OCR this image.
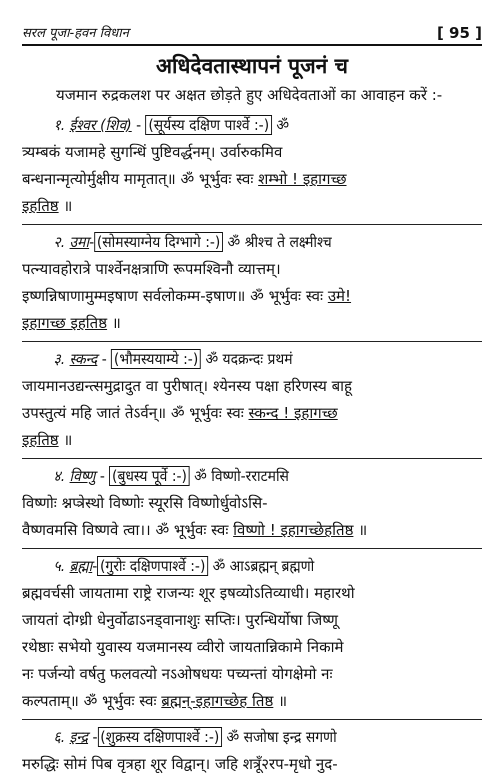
सरल पूजा-हवन विधान	[ 95 ]
अधिदेवतास्थापनं पूजनं च

यजमान रुद्रकलश पर अक्षत छोड़ते हुए अधिदेवताओं का आवाहन करें :-

१. ईश्वर (शिव) - (सूर्यस्य दक्षिण पार्श्वे :-) ॐ
त्र्यम्बकं यजामहे सुगन्धिं पुष्टिवर्द्धनम्। उर्वारुकमिव
बन्धनान्मृत्योर्मुक्षीय मामृतात्॥ ॐ भूर्भुवः स्वः शम्भो ! इहागच्छ
इहतिष्ठ ॥
२. उमा- (सोमस्याग्नेय दिग्भागे :-) ॐ श्रीश्च ते लक्ष्मीश्च
पत्न्यावहोरात्रे पार्श्वेनक्षत्राणि रूपमश्विनौ व्यात्तम्।
इष्णन्निषाणामुम्मइषाण सर्वलोकम्म-इषाण॥ ॐ भूर्भुवः स्वः उमे!
इहागच्छ इहतिष्ठ ॥
३. स्कन्द - (भौमस्ययाम्ये :-) ॐ यदक्रन्दः प्रथमं
जायमानउद्यन्त्समुद्रादुत वा पुरीषात्। श्येनस्य पक्षा हरिणस्य बाहू
उपस्तुत्यं महि जातं तेऽर्वन्॥ ॐ भूर्भुवः स्वः स्कन्द ! इहागच्छ
इहतिष्ठ ॥
४. विष्णु - (बुधस्य पूर्वे :-) ॐ विष्णो-रराटमसि
विष्णोः श्नप्त्रेस्थो विष्णोः स्यूरसि विष्णोर्धुवोऽसि-
वैष्णवमसि विष्णवे त्वा।। ॐ भूर्भुवः स्वः विष्णो ! इहागच्छेहतिष्ठ ॥
५. ब्रह्मा- (गुरोः दक्षिणपार्श्वे :-) ॐ आऽब्रह्मन् ब्रह्मणो
ब्रह्मवर्चसी जायतामा राष्ट्रे राजन्यः शूर इषव्योऽतिव्याधी। महारथो
जायतां दोग्ध्री धेनुर्वोढाऽनड्वानाशुः सप्तिः। पुरन्धिर्योषा जिष्णू
रथेष्ठाः सभेयो युवास्य यजमानस्य व्वीरो जायतान्निकामे निकामे
नः पर्जन्यो वर्षतु फलवत्यो नऽओषधयः पच्यन्तां योगक्षेमो नः
कल्पताम्॥ ॐ भूर्भुवः स्वः ब्रह्मन्-इहागच्छेह तिष्ठ ॥
६. इन्द्र - (शुक्रस्य दक्षिणपार्श्वे :-) ॐ सजोषा इन्द्र सगणो
मरुद्धिः सोमं पिब वृत्रहा शूर विद्वान्। जहि शत्रूँ२रप-मृधो नुद-
